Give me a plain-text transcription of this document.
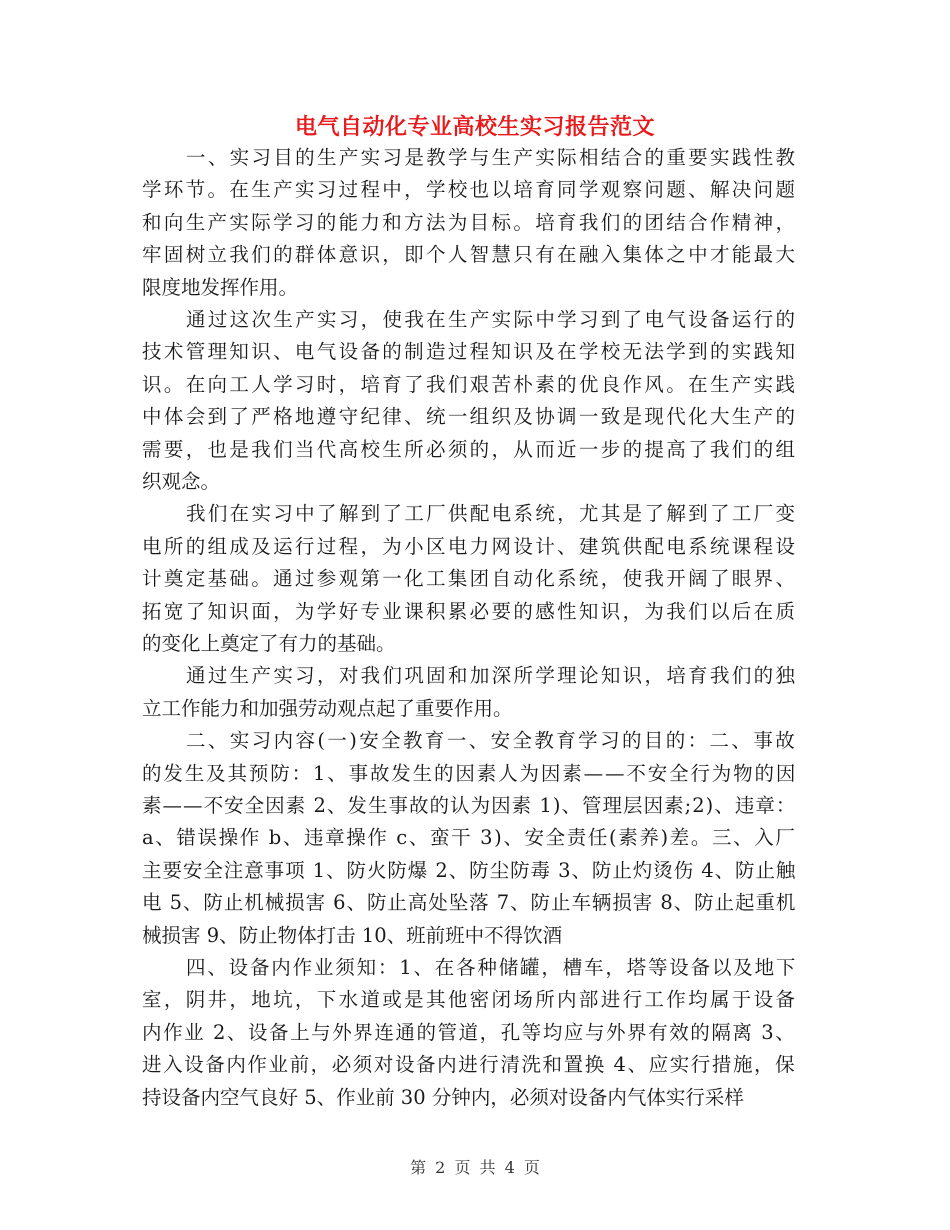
电气自动化专业高校生实习报告范文
一、实习目的生产实习是教学与生产实际相结合的重要实践性教
学环节。在生产实习过程中，学校也以培育同学观察问题、解决问题
和向生产实际学习的能力和方法为目标。培育我们的团结合作精神，
牢固树立我们的群体意识，即个人智慧只有在融入集体之中才能最大
限度地发挥作用。
通过这次生产实习，使我在生产实际中学习到了电气设备运行的
技术管理知识、电气设备的制造过程知识及在学校无法学到的实践知
识。在向工人学习时，培育了我们艰苦朴素的优良作风。在生产实践
中体会到了严格地遵守纪律、统一组织及协调一致是现代化大生产的
需要，也是我们当代高校生所必须的，从而近一步的提高了我们的组
织观念。
我们在实习中了解到了工厂供配电系统，尤其是了解到了工厂变
电所的组成及运行过程，为小区电力网设计、建筑供配电系统课程设
计奠定基础。通过参观第一化工集团自动化系统，使我开阔了眼界、
拓宽了知识面，为学好专业课积累必要的感性知识，为我们以后在质
的变化上奠定了有力的基础。
通过生产实习，对我们巩固和加深所学理论知识，培育我们的独
立工作能力和加强劳动观点起了重要作用。
二、实习内容(一)安全教育一、安全教育学习的目的：二、事故
的发生及其预防：1、事故发生的因素人为因素——不安全行为物的因
素——不安全因素 2、发生事故的认为因素 1)、管理层因素;2)、违章：
a、错误操作 b、违章操作 c、蛮干 3)、安全责任(素养)差。三、入厂
主要安全注意事项 1、防火防爆 2、防尘防毒 3、防止灼烫伤 4、防止触
电 5、防止机械损害 6、防止高处坠落 7、防止车辆损害 8、防止起重机
械损害 9、防止物体打击 10、班前班中不得饮酒
四、设备内作业须知：1、在各种储罐，槽车，塔等设备以及地下
室，阴井，地坑，下水道或是其他密闭场所内部进行工作均属于设备
内作业 2、设备上与外界连通的管道，孔等均应与外界有效的隔离 3、
进入设备内作业前，必须对设备内进行清洗和置换 4、应实行措施，保
持设备内空气良好 5、作业前 30 分钟内，必须对设备内气体实行采样
第 2 页 共 4 页
